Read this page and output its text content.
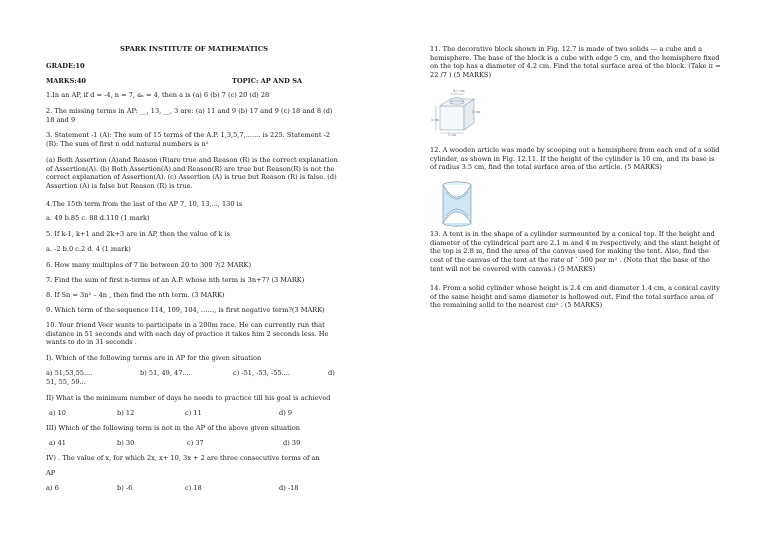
SPARK INSTITUTE OF MATHEMATICS
GRADE:10
MARKS:40	TOPIC: AP AND SA
1.In an AP, if d = -4, n = 7, aₙ = 4, then a is (a) 6 (b) 7 (c) 20 (d) 28
2. The missing terms in AP: __, 13, __, 3 are: (a) 11 and 9 (b) 17 and 9 (c) 18 and 8 (d) 18 and 9
3. Statement -1 (A): The sum of 15 terms of the A.P. 1,3,5,7,....... is 225. Statement -2 (R): The sum of first n odd natural numbers is n²
(a) Both Assertion (A)and Reason (R)are true and Reason (R) is the correct explanation of Assertion(A). (b) Both Assertion(A) and Reason(R) are true but Reason(R) is not the correct explanation of Assertion(A). (c) Assertion (A) is true but Reason (R) is false. (d) Assertion (A) is false but Reason (R) is true.
4.The 15th term from the last of the AP 7, 10, 13,..., 130 is
a. 49 b.85 c. 88 d.110 (1 mark)
5. If k-1, k+1 and 2k+3 are in AP, then the value of k is
a. -2 b.0 c.2 d. 4 (1 mark)
6. How many multiples of 7 lie between 20 to 300 ?(2 MARK)
7. Find the sum of first n-terms of an A.P. whose nth term is 3n+7? (3 MARK)
8. If Sn = 3n² – 4n , then find the nth term. (3 MARK)
9. Which term of the sequence 114, 109, 104, ……, is first negative term?(3 MARK)
10. Your friend Veer wants to participate in a 200m race. He can currently run that distance in 51 seconds and with each day of practice it takes him 2 seconds less. He wants to do in 31 seconds .
I). Which of the following terms are in AP for the given situation
a) 51,53,55....	b) 51, 49, 47....	c) -51, -53, -55....	d)
51, 55, 59...
II) What is the minimum number of days he needs to practice till his goal is achieved
a) 10	b) 12	c) 11	d) 9
III) Which of the following term is not in the AP of the above given situation
a) 41	b) 30	c) 37	d) 39
IV) . The value of x, for which 2x, x+ 10, 3x + 2 are three consecutive terms of an
AP
a) 6	b) -6	c) 18	d) -18
11. The decorative block shown in Fig. 12.7 is made of two solids — a cube and a hemisphere. The base of the block is a cube with edge 5 cm, and the hemisphere fixed on the top has a diameter of 4.2 cm. Find the total surface area of the block. (Take π = 22 /7 ) (5 MARKS)
4.2 cm
5 cm
5 cm
5 cm
12. A wooden article was made by scooping out a hemisphere from each end of a solid cylinder, as shown in Fig. 12.11. If the height of the cylinder is 10 cm, and its base is of radius 3.5 cm, find the total surface area of the article. (5 MARKS)
13. A tent is in the shape of a cylinder surmounted by a conical top. If the height and diameter of the cylindrical part are 2.1 m and 4 m respectively, and the slant height of the top is 2.8 m, find the area of the canvas used for making the tent. Also, find the cost of the canvas of the tent at the rate of ` 500 per m² . (Note that the base of the tent will not be covered with canvas.) (5 MARKS)
14. From a solid cylinder whose height is 2.4 cm and diameter 1.4 cm, a conical cavity of the same height and same diameter is hollowed out. Find the total surface area of the remaining solid to the nearest cm² . (5 MARKS)
